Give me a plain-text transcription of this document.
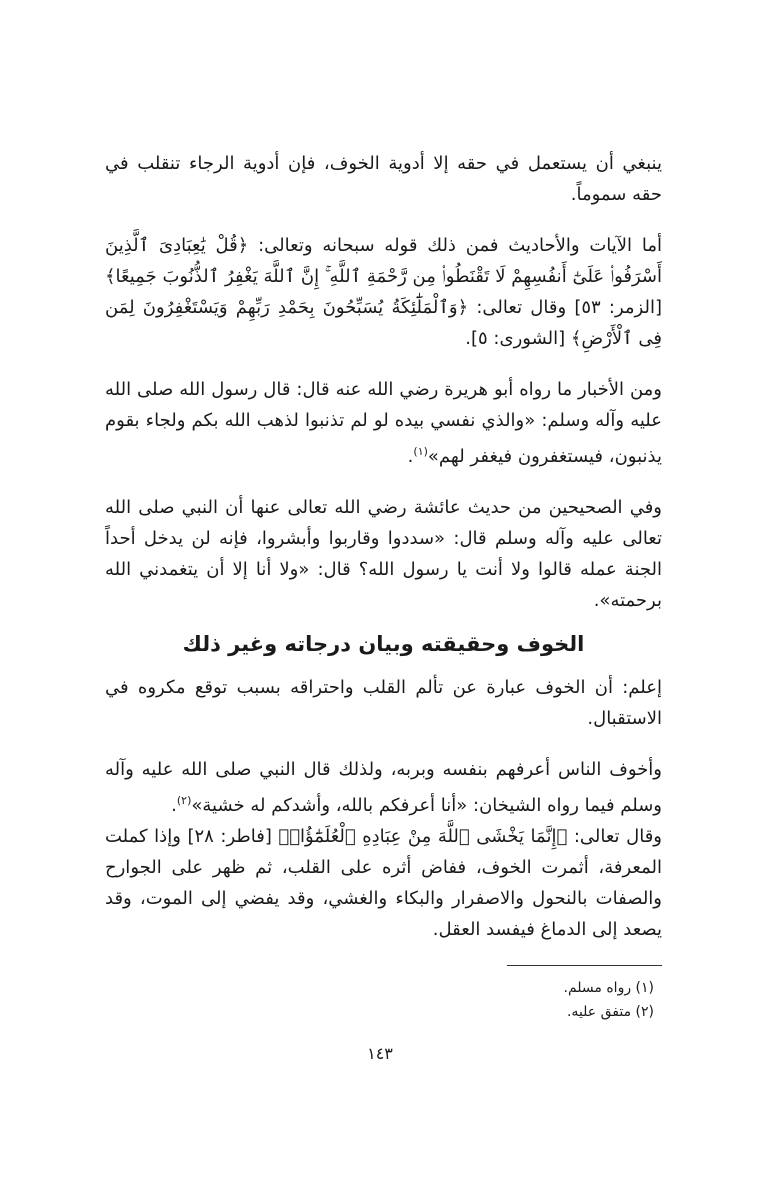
ينبغي أن يستعمل في حقه إلا أدوية الخوف، فإن أدوية الرجاء تنقلب في حقه سموماً.

أما الآيات والأحاديث فمن ذلك قوله سبحانه وتعالى: ﴿قُلْ يَٰعِبَادِىَ ٱلَّذِينَ أَسْرَفُوا۟ عَلَىٰٓ أَنفُسِهِمْ لَا تَقْنَطُوا۟ مِن رَّحْمَةِ ٱللَّهِ ۚ إِنَّ ٱللَّهَ يَغْفِرُ ٱلذُّنُوبَ جَمِيعًا﴾ [الزمر: ٥٣] وقال تعالى: ﴿وَٱلْمَلَٰٓئِكَةُ يُسَبِّحُونَ بِحَمْدِ رَبِّهِمْ وَيَسْتَغْفِرُونَ لِمَن فِى ٱلْأَرْضِ﴾ [الشورى: ٥].

ومن الأخبار ما رواه أبو هريرة رضي الله عنه قال: قال رسول الله صلى الله عليه وآله وسلم: «والذي نفسي بيده لو لم تذنبوا لذهب الله بكم ولجاء بقوم يذنبون، فيستغفرون فيغفر لهم»$^{(١)}$.

وفي الصحيحين من حديث عائشة رضي الله تعالى عنها أن النبي صلى الله تعالى عليه وآله وسلم قال: «سددوا وقاربوا وأبشروا، فإنه لن يدخل أحداً الجنة عمله قالوا ولا أنت يا رسول الله؟ قال: «ولا أنا إلا أن يتغمدني الله برحمته».

الخوف وحقيقته وبيان درجاته وغير ذلك

إعلم: أن الخوف عبارة عن تألم القلب واحتراقه بسبب توقع مكروه في الاستقبال.

وأخوف الناس أعرفهم بنفسه وبربه، ولذلك قال النبي صلى الله عليه وآله وسلم فيما رواه الشيخان: «أنا أعرفكم بالله، وأشدكم له خشية»$^{(٢)}$.

وقال تعالى: ﴿إِنَّمَا يَخْشَى ٱللَّهَ مِنْ عِبَادِهِ ٱلْعُلَمَٰٓؤُا۟﴾ [فاطر: ٢٨] وإذا كملت المعرفة، أثمرت الخوف، ففاض أثره على القلب، ثم ظهر على الجوارح والصفات بالنحول والاصفرار والبكاء والغشي، وقد يفضي إلى الموت، وقد يصعد إلى الدماغ فيفسد العقل.

(١) رواه مسلم.

(٢) متفق عليه.

١٤٣
